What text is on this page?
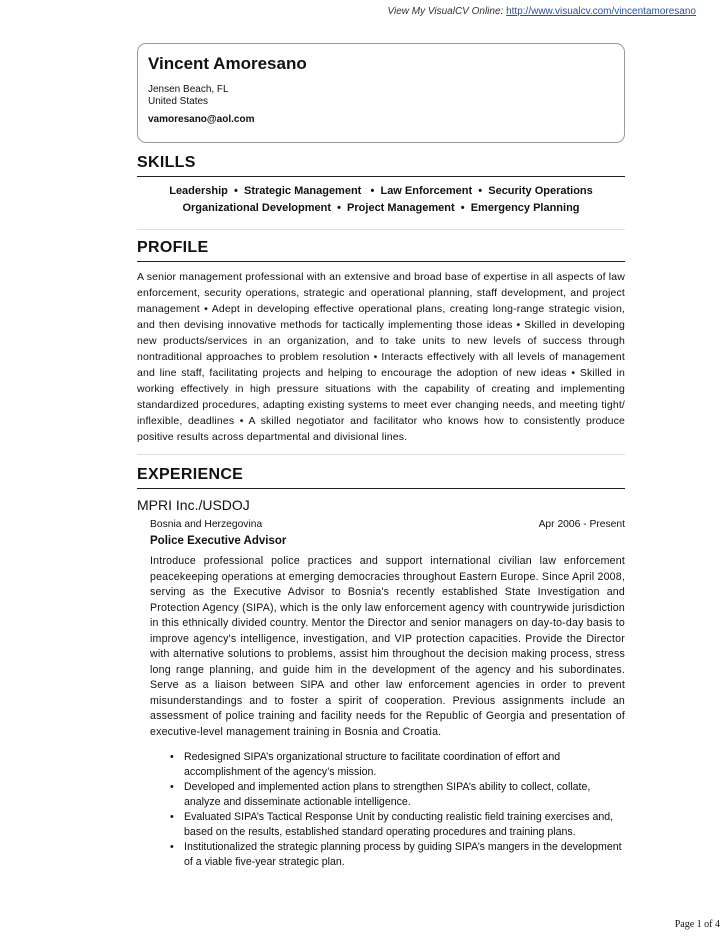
View My VisualCV Online: http://www.visualcv.com/vincentamoresano
Vincent Amoresano
Jensen Beach, FL
United States
vamoresano@aol.com
SKILLS
Leadership  •  Strategic Management   •  Law Enforcement  •  Security Operations
Organizational Development  •  Project Management  •  Emergency Planning
PROFILE
A senior management professional with an extensive and broad base of expertise in all aspects of law enforcement, security operations, strategic and operational planning, staff development, and project management • Adept in developing effective operational plans, creating long-range strategic vision, and then devising innovative methods for tactically implementing those ideas • Skilled in developing new products/services in an organization, and to take units to new levels of success through nontraditional approaches to problem resolution • Interacts effectively with all levels of management and line staff, facilitating projects and helping to encourage the adoption of new ideas • Skilled in working effectively in high pressure situations with the capability of creating and implementing standardized procedures, adapting existing systems to meet ever changing needs, and meeting tight/ inflexible, deadlines • A skilled negotiator and facilitator who knows how to consistently produce positive results across departmental and divisional lines.
EXPERIENCE
MPRI Inc./USDOJ
Bosnia and Herzegovina	Apr 2006 - Present
Police Executive Advisor
Introduce professional police practices and support international civilian law enforcement peacekeeping operations at emerging democracies throughout Eastern Europe. Since April 2008, serving as the Executive Advisor to Bosnia's recently established State Investigation and Protection Agency (SIPA), which is the only law enforcement agency with countrywide jurisdiction in this ethnically divided country. Mentor the Director and senior managers on day-to-day basis to improve agency's intelligence, investigation, and VIP protection capacities. Provide the Director with alternative solutions to problems, assist him throughout the decision making process, stress long range planning, and guide him in the development of the agency and his subordinates. Serve as a liaison between SIPA and other law enforcement agencies in order to prevent misunderstandings and to foster a spirit of cooperation. Previous assignments include an assessment of police training and facility needs for the Republic of Georgia and presentation of executive-level management training in Bosnia and Croatia.
• Redesigned SIPA’s organizational structure to facilitate coordination of effort and accomplishment of the agency’s mission.
• Developed and implemented action plans to strengthen SIPA’s ability to collect, collate, analyze and disseminate actionable intelligence.
• Evaluated SIPA’s Tactical Response Unit by conducting realistic field training exercises and, based on the results, established standard operating procedures and training plans.
• Institutionalized the strategic planning process by guiding SIPA’s mangers in the development of a viable five-year strategic plan.
Page 1 of 4
